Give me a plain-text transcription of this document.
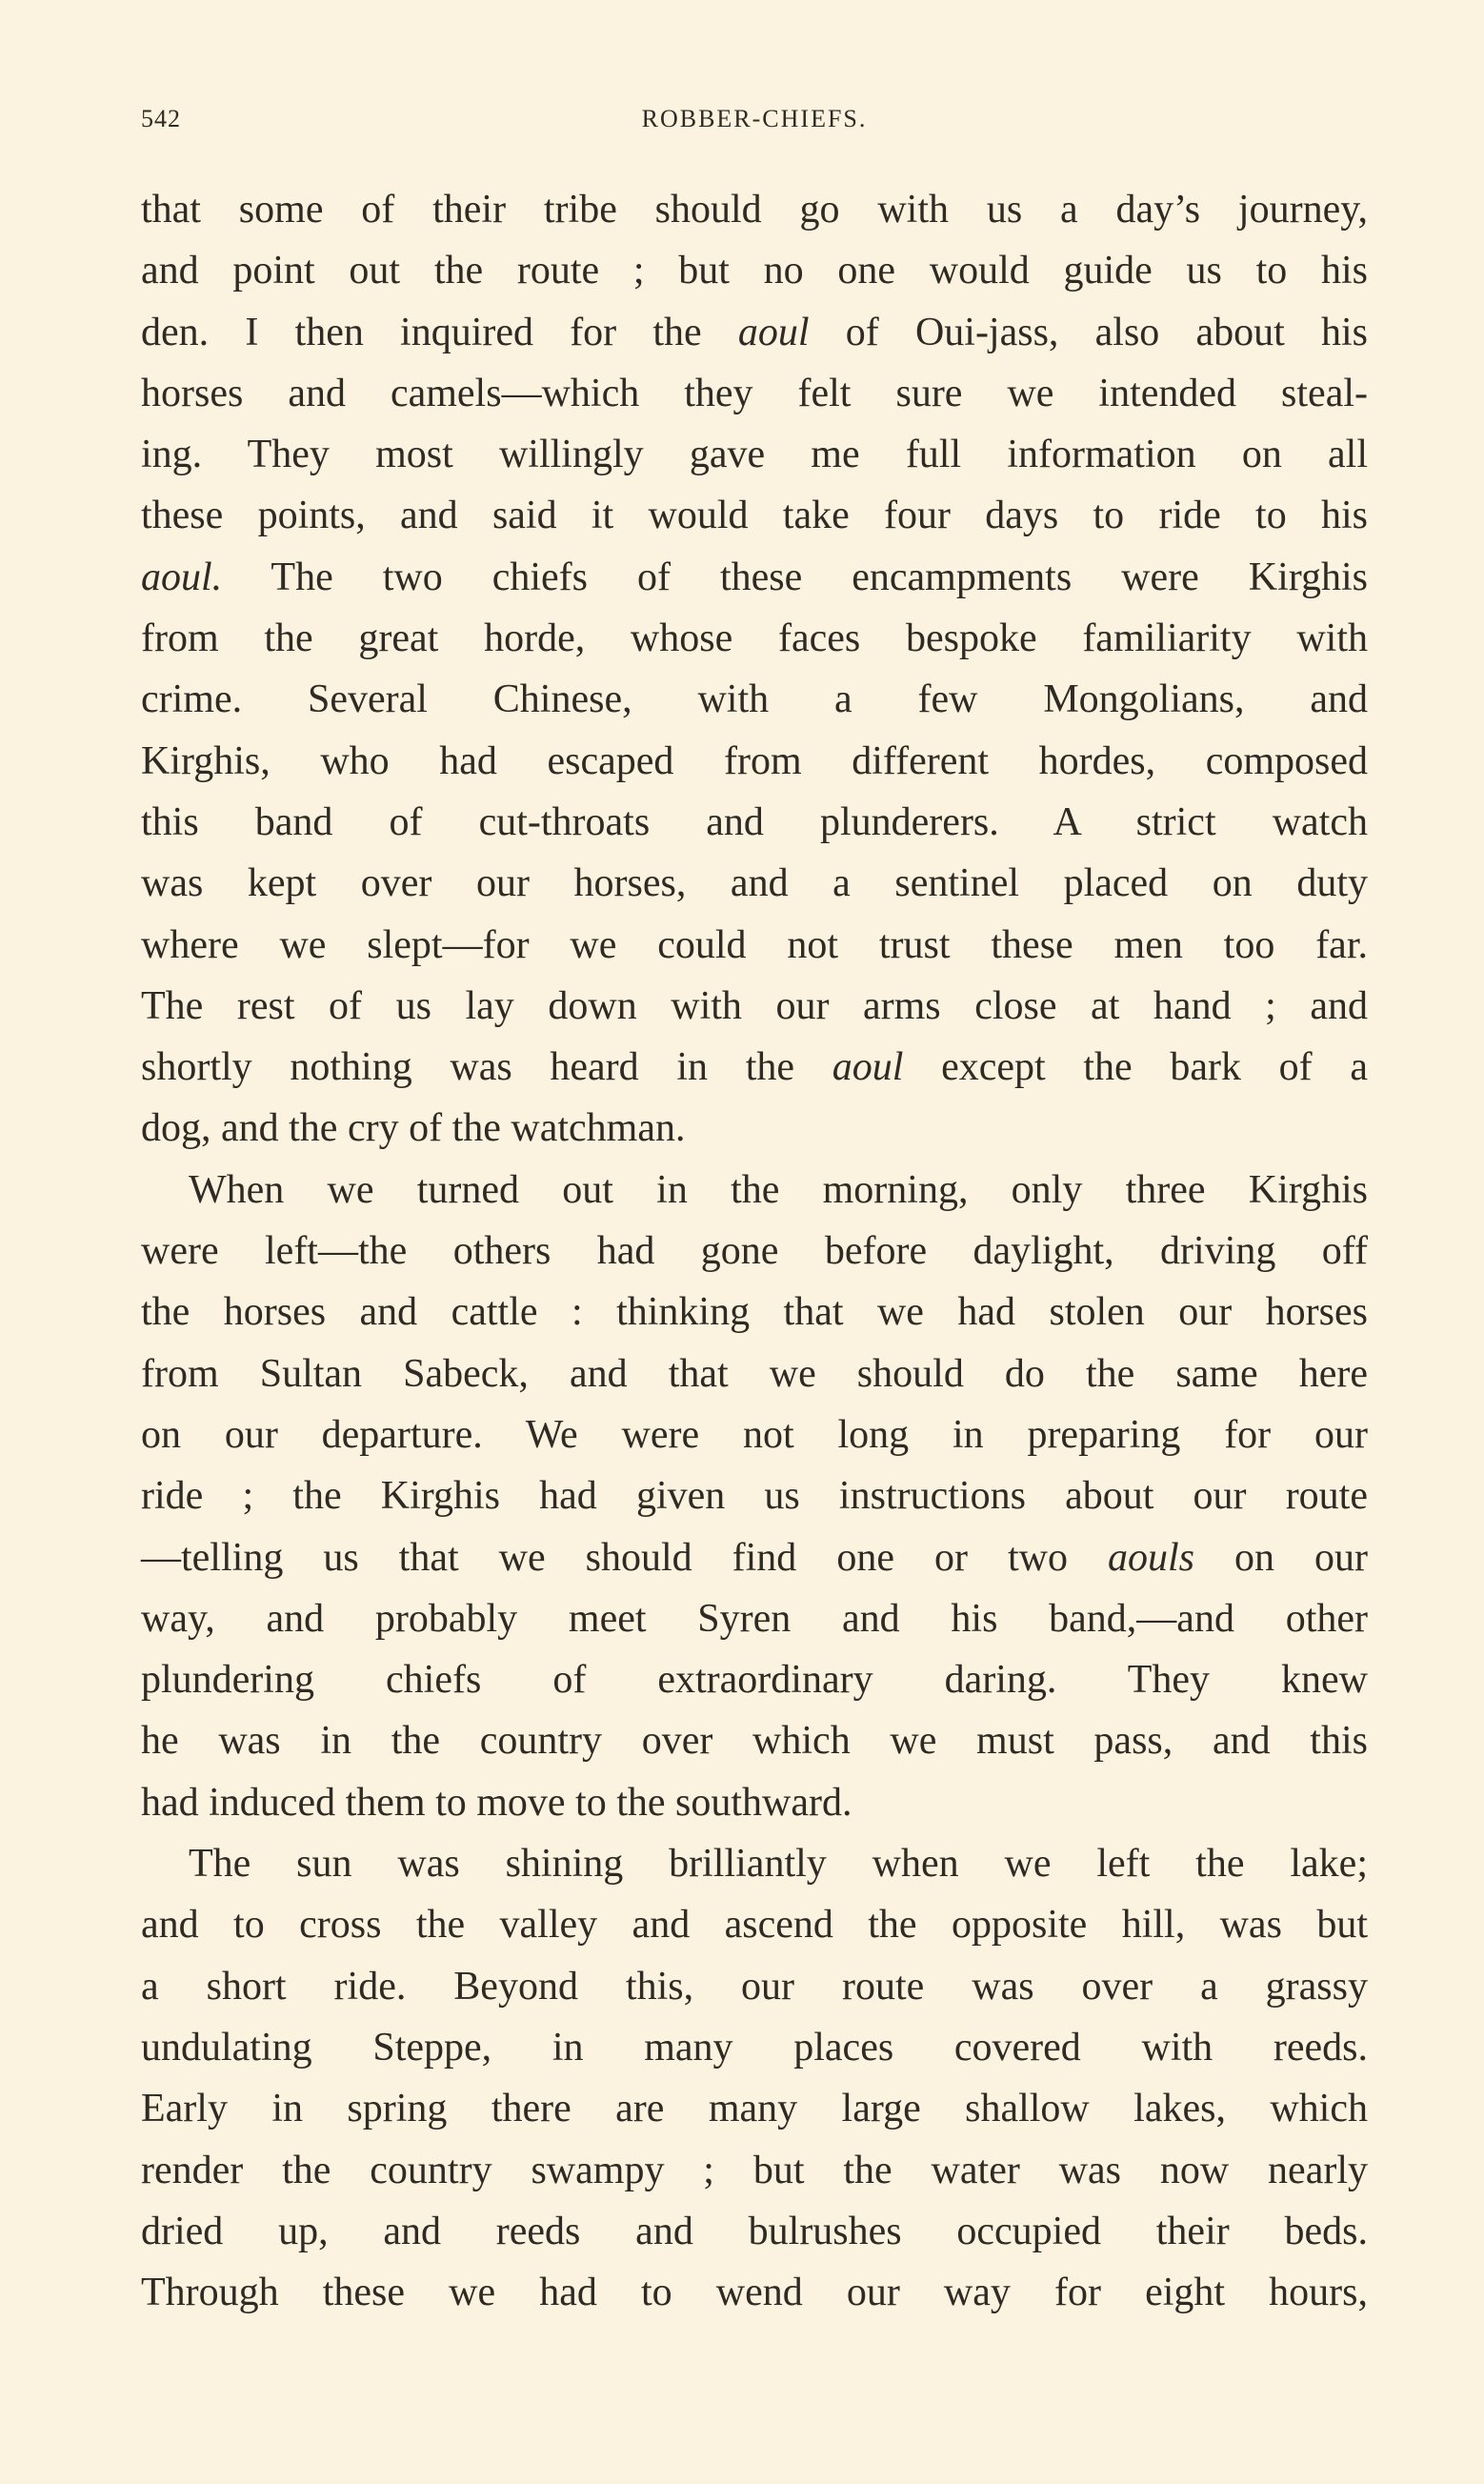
542	ROBBER-CHIEFS.
that some of their tribe should go with us a day’s journey,
and point out the route ; but no one would guide us to his
den. I then inquired for the aoul of Oui-jass, also about his
horses and camels—which they felt sure we intended steal-
ing. They most willingly gave me full information on all
these points, and said it would take four days to ride to his
aoul. The two chiefs of these encampments were Kirghis
from the great horde, whose faces bespoke familiarity with
crime. Several Chinese, with a few Mongolians, and
Kirghis, who had escaped from different hordes, composed
this band of cut-throats and plunderers. A strict watch
was kept over our horses, and a sentinel placed on duty
where we slept—for we could not trust these men too far.
The rest of us lay down with our arms close at hand ; and
shortly nothing was heard in the aoul except the bark of a
dog, and the cry of the watchman.
When we turned out in the morning, only three Kirghis
were left—the others had gone before daylight, driving off
the horses and cattle : thinking that we had stolen our horses
from Sultan Sabeck, and that we should do the same here
on our departure. We were not long in preparing for our
ride ; the Kirghis had given us instructions about our route
—telling us that we should find one or two aouls on our
way, and probably meet Syren and his band,—and other
plundering chiefs of extraordinary daring. They knew
he was in the country over which we must pass, and this
had induced them to move to the southward.
The sun was shining brilliantly when we left the lake;
and to cross the valley and ascend the opposite hill, was but
a short ride. Beyond this, our route was over a grassy
undulating Steppe, in many places covered with reeds.
Early in spring there are many large shallow lakes, which
render the country swampy ; but the water was now nearly
dried up, and reeds and bulrushes occupied their beds.
Through these we had to wend our way for eight hours,
